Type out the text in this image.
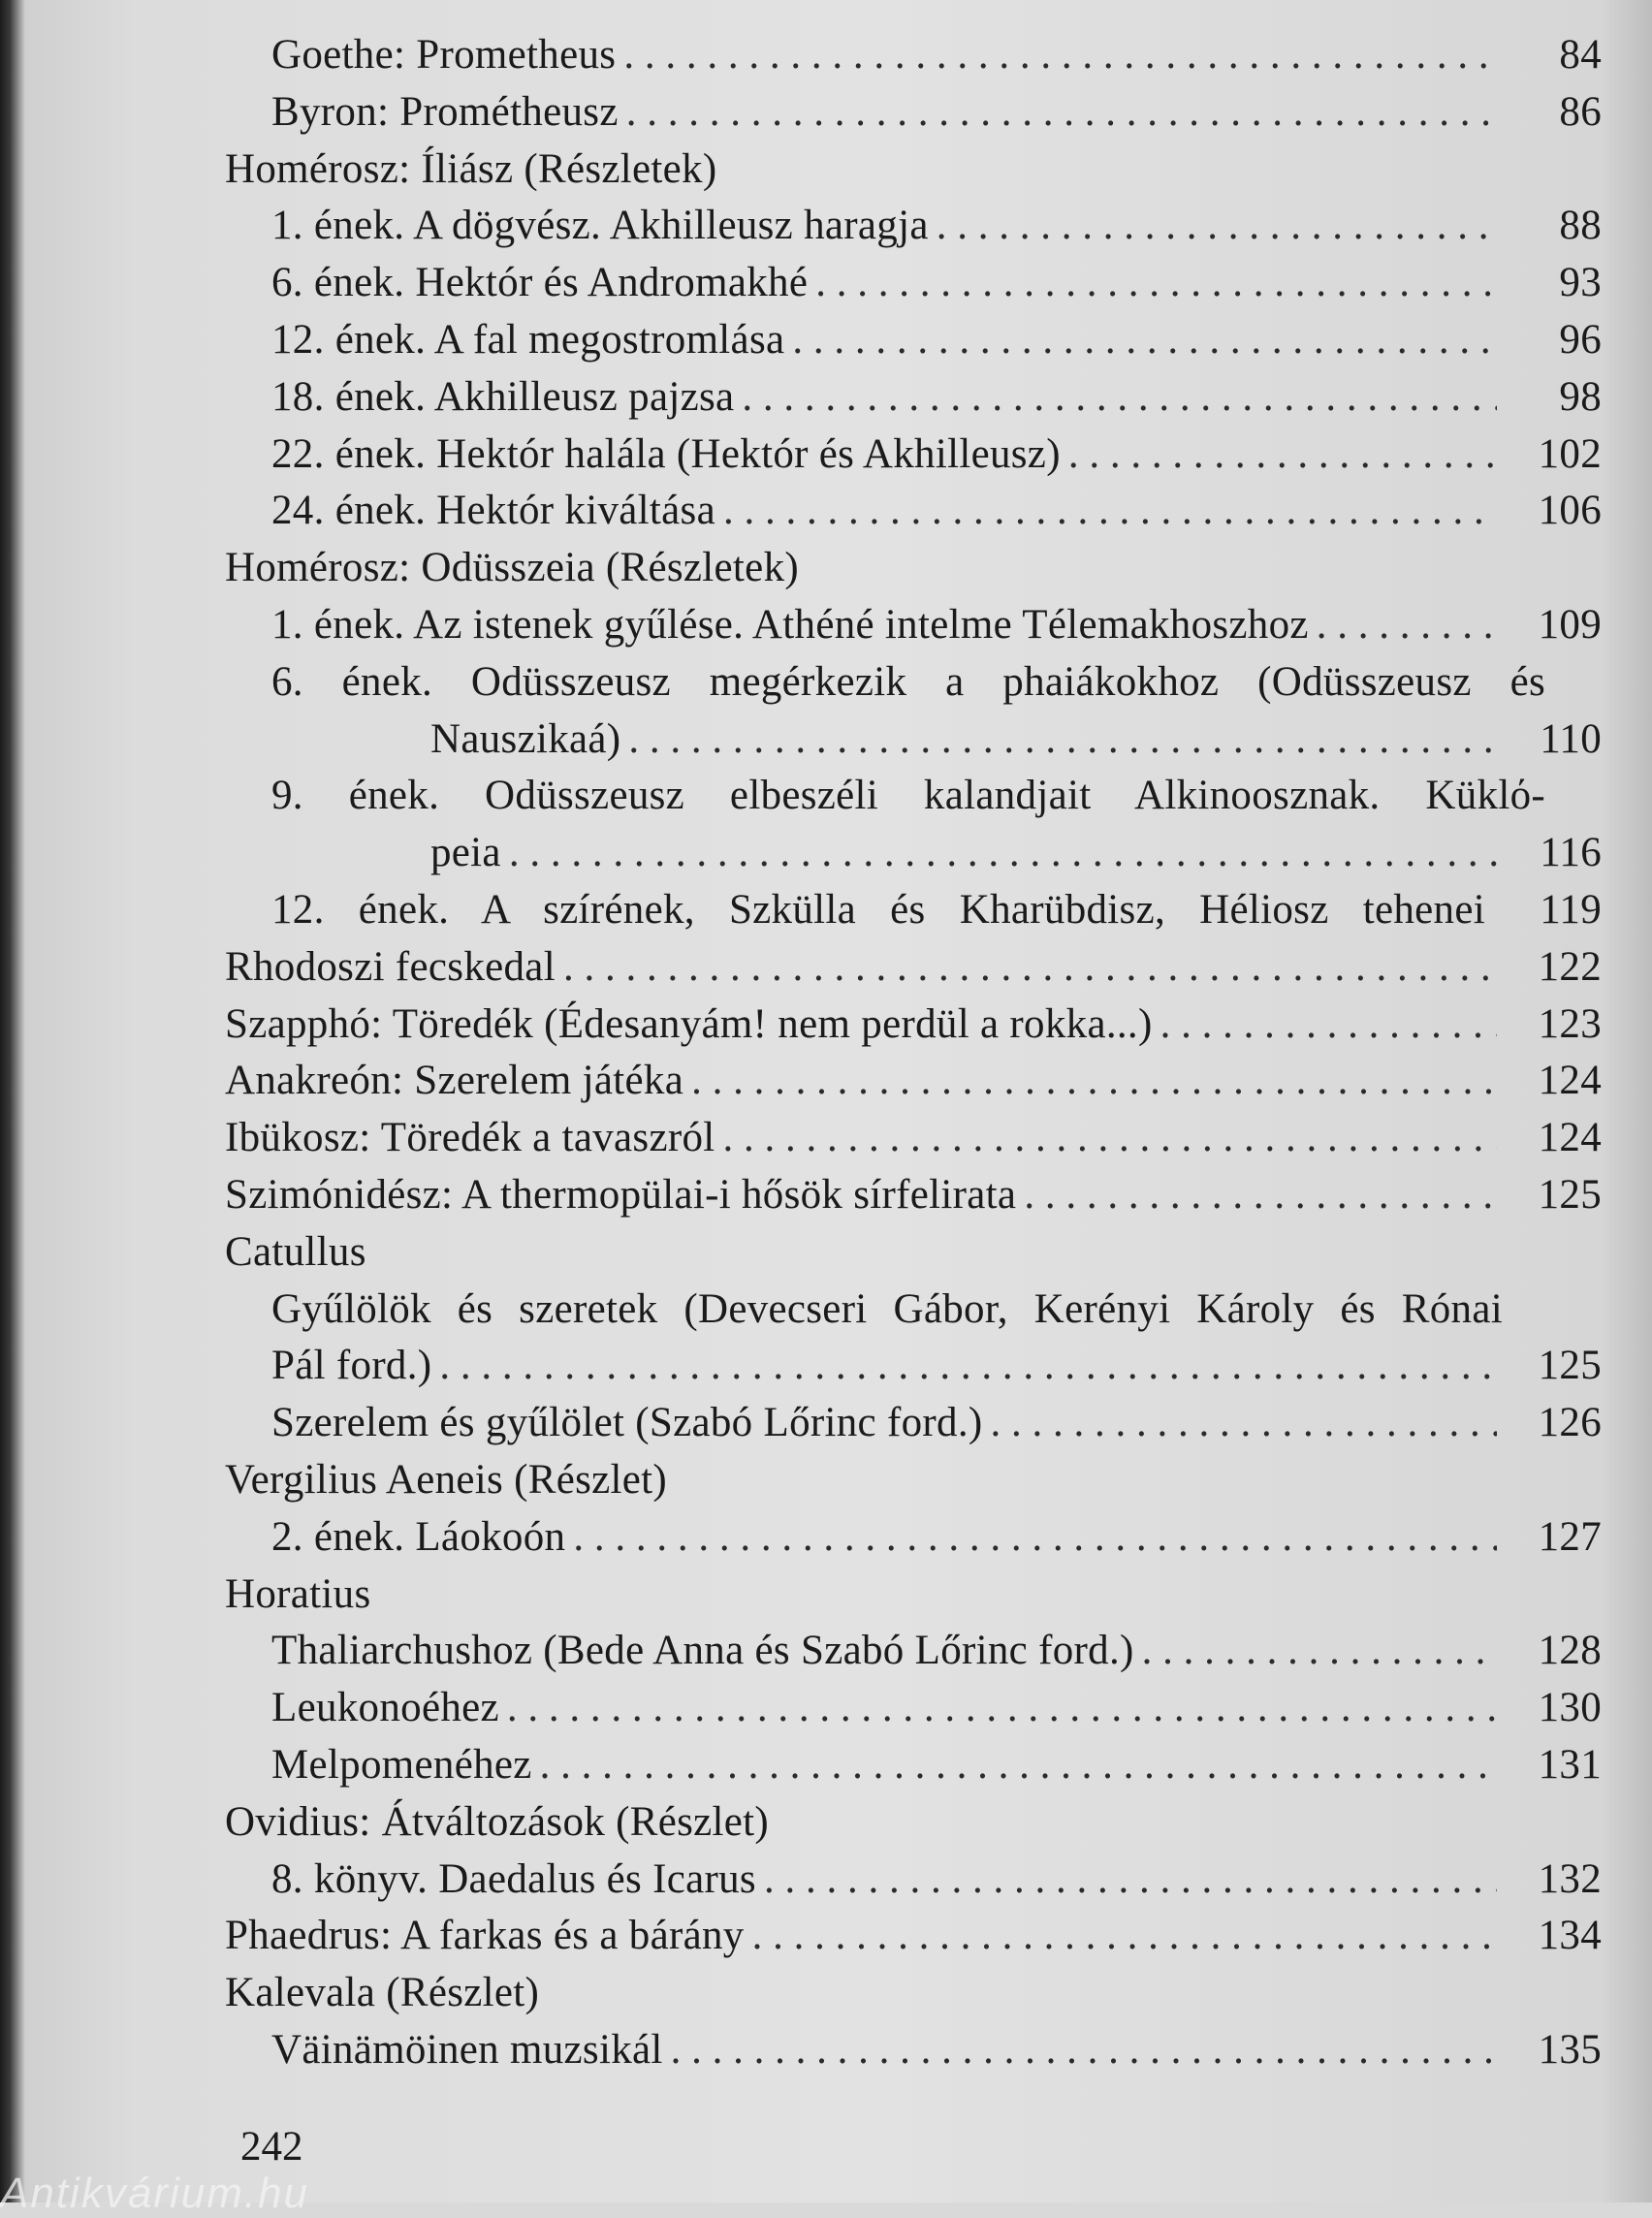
Goethe: Prometheus . . .	84
Byron: Prométheusz . . .	86
Homérosz: Íliász (Részletek)
1. ének. A dögvész. Akhilleusz haragja . . .	88
6. ének. Hektór és Andromakhé . . .	93
12. ének. A fal megostromlása . . .	96
18. ének. Akhilleusz pajzsa . . .	98
22. ének. Hektór halála (Hektór és Akhilleusz) . . .	102
24. ének. Hektór kiváltása . . .	106
Homérosz: Odüsszeia (Részletek)
1. ének. Az istenek gyűlése. Athéné intelme Télemakhoszhoz . . .	109
6. ének. Odüsszeusz megérkezik a phaiákokhoz (Odüsszeusz és
Nauszikaá) . . .	110
9. ének. Odüsszeusz elbeszéli kalandjait Alkinoosznak. Küklό-
peia . . .	116
12. ének. A szírének, Szkülla és Kharübdisz, Héliosz tehenei	119
Rhodoszi fecskedal . . .	122
Szapphó: Töredék (Édesanyám! nem perdül a rokka...) . . .	123
Anakreón: Szerelem játéka . . .	124
Ibükosz: Töredék a tavaszról . . .	124
Szimónidész: A thermopülai-i hősök sírfelirata . . .	125
Catullus
Gyűlölök és szeretek (Devecseri Gábor, Kerényi Károly és Rónai
Pál ford.) . . .	125
Szerelem és gyűlölet (Szabó Lőrinc ford.) . . .	126
Vergilius Aeneis (Részlet)
2. ének. Láokoón . . .	127
Horatius
Thaliarchushoz (Bede Anna és Szabó Lőrinc ford.) . . .	128
Leukonoéhez . . .	130
Melpomenéhez . . .	131
Ovidius: Átváltozások (Részlet)
8. könyv. Daedalus és Icarus . . .	132
Phaedrus: A farkas és a bárány . . .	134
Kalevala (Részlet)
Väinämöinen muzsikál . . .	135
242
Antikvárium.hu
